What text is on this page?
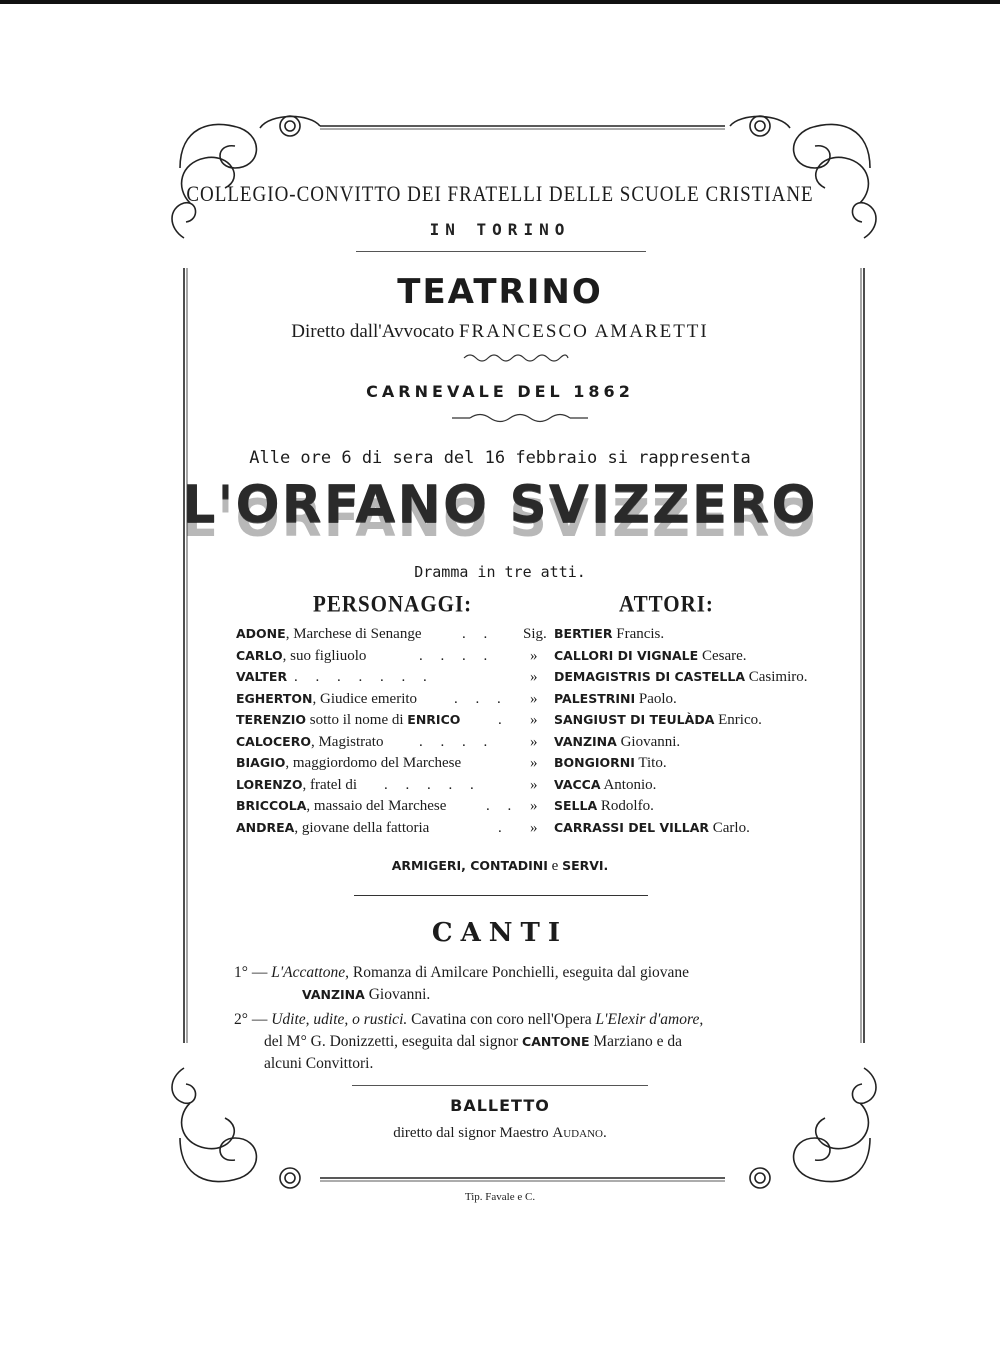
COLLEGIO-CONVITTO DEI FRATELLI DELLE SCUOLE CRISTIANE
IN TORINO
TEATRINO
Diretto dall'Avvocato FRANCESCO AMARETTI
CARNEVALE DEL 1862
Alle ore 6 di sera del 16 febbraio si rappresenta
L'ORFANO SVIZZERO
Dramma in tre atti.
PERSONAGGI:	ATTORI:
ADONE, Marchese di Senange	. .	Sig. BERTIER Francis.
CARLO, suo figliuolo	. . . .	» CALLORI DI VIGNALE Cesare.
VALTER . . . . . . .	» DEMAGISTRIS DI CASTELLA Casimiro.
EGHERTON, Giudice emerito . . .	» PALESTRINI Paolo.
TERENZIO sotto il nome di ENRICO	.	» SANGIUST DI TEULÀDA Enrico.
CALOCERO, Magistrato . . . .	» VANZINA Giovanni.
BIAGIO, maggiordomo del Marchese	» BONGIORNI Tito.
LORENZO, fratel di . . . . .	» VACCA Antonio.
BRICCOLA, massaio del Marchese	. . » SELLA Rodolfo.
ANDREA, giovane della fattoria	.	» CARRASSI DEL VILLAR Carlo.
ARMIGERI, CONTADINI e SERVI.
CANTI
1° — L'Accattone, Romanza di Amilcare Ponchielli, eseguita dal giovane
VANZINA Giovanni.
2° — Udite, udite, o rustici. Cavatina con coro nell'Opera L'Elexir d'amore,
del M° G. Donizzetti, eseguita dal signor CANTONE Marziano e da
alcuni Convittori.
BALLETTO
diretto dal signor Maestro Audano.
Tip. Favale e C.
